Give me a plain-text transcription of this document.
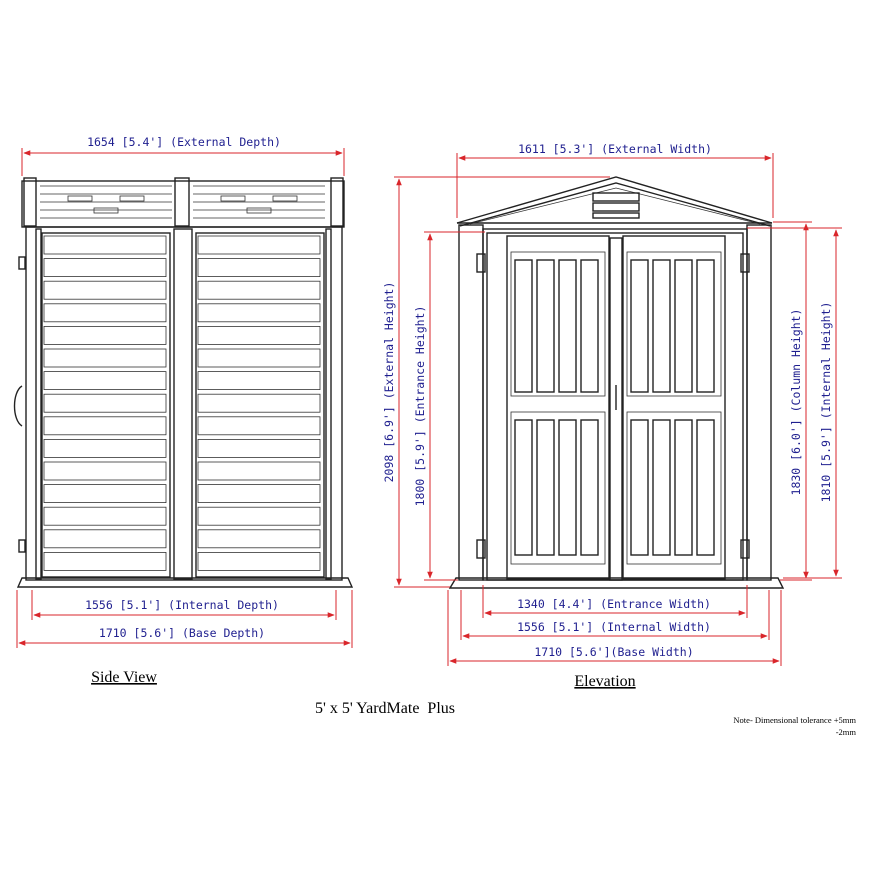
1654 [5.4'] (External Depth)
1556 [5.1'] (Internal Depth)
1710 [5.6'] (Base Depth)
Side View
1611 [5.3'] (External Width)
1340 [4.4'] (Entrance Width)
1556 [5.1'] (Internal Width)
1710 [5.6'](Base Width)
2098 [6.9'] (External Height) 1800 [5.9'] (Entrance Height)	1830 [6.0'] (Column Height) 1810 [5.9'] (Internal Height)
Elevation
5' x 5' YardMate  Plus
Note- Dimensional tolerance +5mm
-2mm
